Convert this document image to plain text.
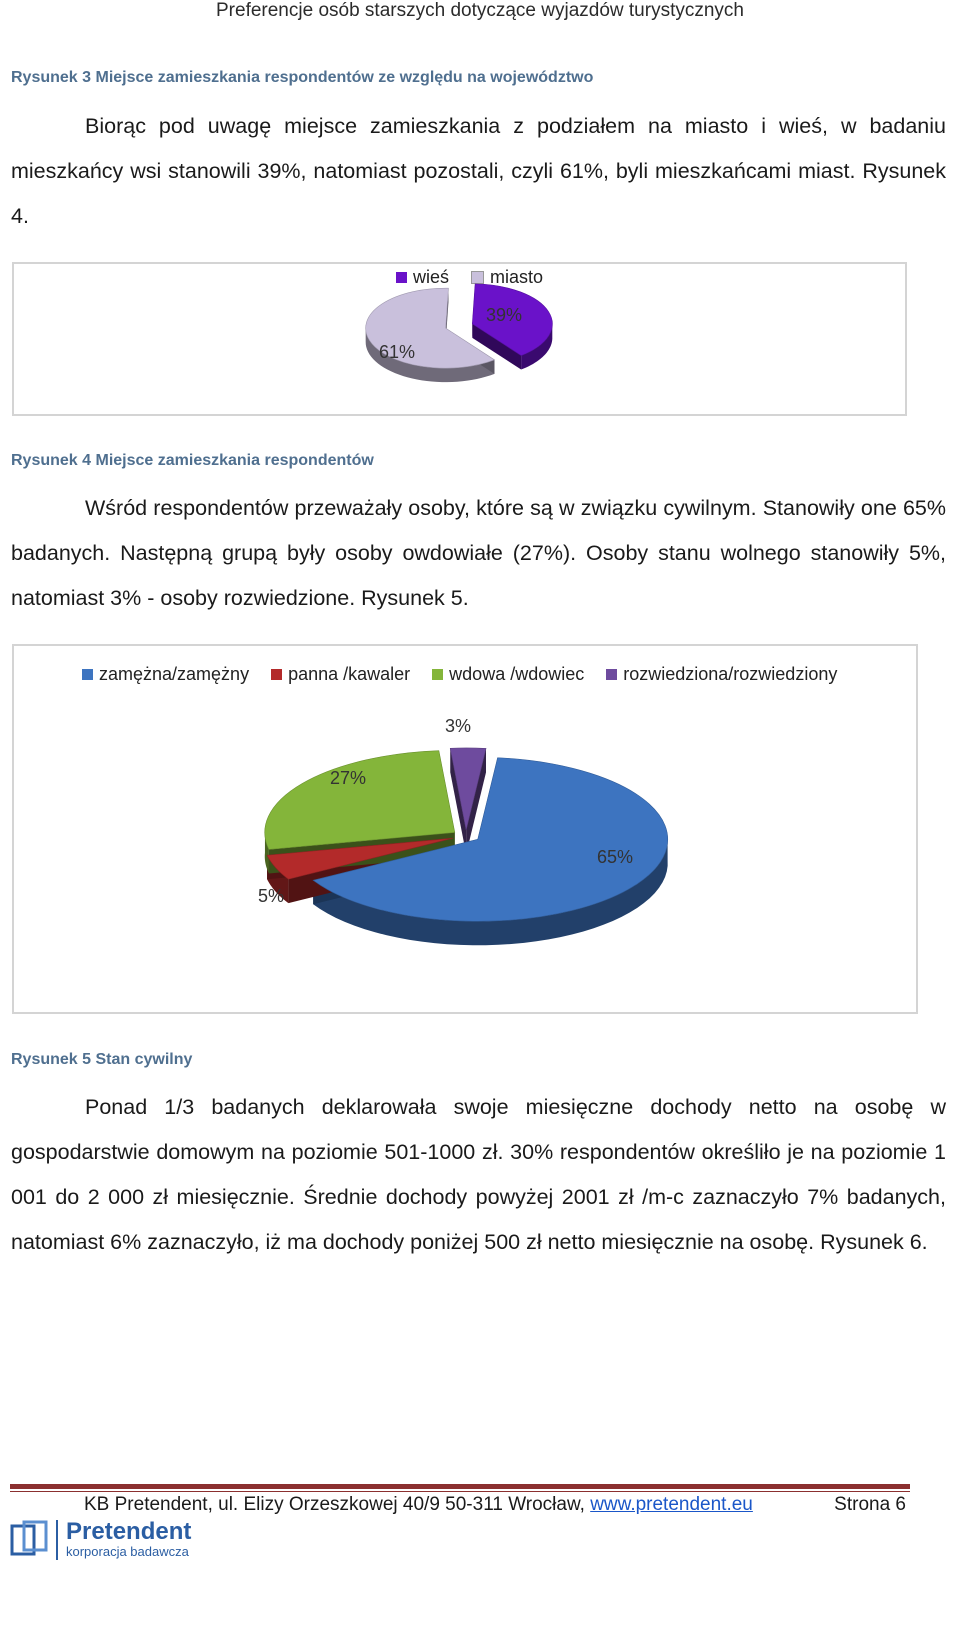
Preferencje osób starszych dotyczące wyjazdów turystycznych
Rysunek 3 Miejsce zamieszkania respondentów ze względu na województwo

Biorąc pod uwagę miejsce zamieszkania z podziałem na miasto i wieś, w badaniu mieszkańcy wsi stanowili 39%, natomiast pozostali, czyli 61%, byli mieszkańcami miast. Rysunek 4.

wieś miasto
39%
61%
Rysunek 4 Miejsce zamieszkania respondentów

Wśród respondentów przeważały osoby, które są w związku cywilnym. Stanowiły one 65% badanych. Następną grupą były osoby owdowiałe (27%). Osoby stanu wolnego stanowiły 5%, natomiast 3% - osoby rozwiedzione. Rysunek 5.

zamężna/zamężny panna /kawaler wdowa /wdowiec rozwiedziona/rozwiedziony
65%
5%
27%
3%
Rysunek 5 Stan cywilny

Ponad 1/3 badanych deklarowała swoje miesięczne dochody netto na osobę w gospodarstwie domowym na poziomie 501-1000 zł. 30% respondentów określiło je na poziomie 1 001 do 2 000 zł miesięcznie. Średnie dochody powyżej 2001 zł /m-c zaznaczyło 7% badanych, natomiast 6% zaznaczyło, iż ma dochody poniżej 500 zł netto miesięcznie na osobę. Rysunek 6.

KB Pretendent, ul. Elizy Orzeszkowej 40/9 50-311 Wrocław, www.pretendent.eu	Strona 6
Pretendent
korporacja badawcza
